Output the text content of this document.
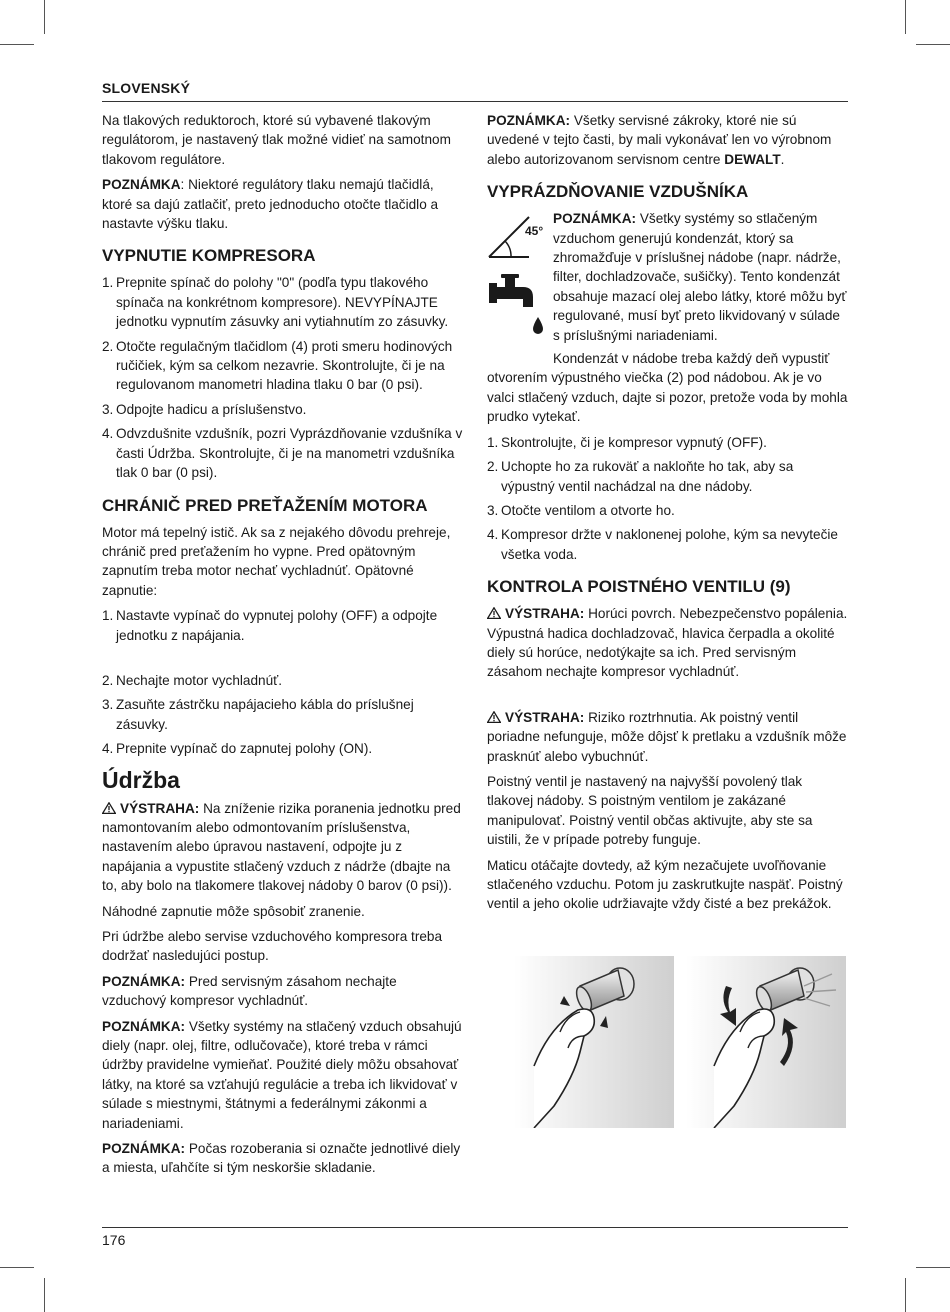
SLOVENSKÝ

Na tlakových reduktoroch, ktoré sú vybavené tlakovým regulátorom, je nastavený tlak možné vidieť na samotnom tlakovom regulátore.

POZNÁMKA: Niektoré regulátory tlaku nemajú tlačidlá, ktoré sa dajú zatlačiť, preto jednoducho otočte tlačidlo a nastavte výšku tlaku.

VYPNUTIE KOMPRESORA
1. Prepnite spínač do polohy "0" (podľa typu tlakového spínača na konkrétnom kompresore). NEVYPÍNAJTE jednotku vypnutím zásuvky ani vytiahnutím zo zásuvky.
2. Otočte regulačným tlačidlom (4) proti smeru hodinových ručičiek, kým sa celkom nezavrie. Skontrolujte, či je na regulovanom manometri hladina tlaku 0 bar (0 psi).
3. Odpojte hadicu a príslušenstvo.
4. Odvzdušnite vzdušník, pozri Vyprázdňovanie vzdušníka v časti Údržba. Skontrolujte, či je na manometri vzdušníka tlak 0 bar (0 psi).
CHRÁNIČ PRED PREŤAŽENÍM MOTORA

Motor má tepelný istič. Ak sa z nejakého dôvodu prehreje, chránič pred preťažením ho vypne. Pred opätovným zapnutím treba motor nechať vychladnúť. Opätovné zapnutie:

1. Nastavte vypínač do vypnutej polohy (OFF) a odpojte jednotku z napájania.
2. Nechajte motor vychladnúť.
3. Zasuňte zástrčku napájacieho kábla do príslušnej zásuvky.
4. Prepnite vypínač do zapnutej polohy (ON).
Údržba

VÝSTRAHA: Na zníženie rizika poranenia jednotku pred namontovaním alebo odmontovaním príslušenstva, nastavením alebo úpravou nastavení, odpojte ju z napájania a vypustite stlačený vzduch z nádrže (dbajte na to, aby bolo na tlakomere tlakovej nádoby 0 barov (0 psi)).

Náhodné zapnutie môže spôsobiť zranenie.

Pri údržbe alebo servise vzduchového kompresora treba dodržať nasledujúci postup.

POZNÁMKA: Pred servisným zásahom nechajte vzduchový kompresor vychladnúť.

POZNÁMKA: Všetky systémy na stlačený vzduch obsahujú diely (napr. olej, filtre, odlučovače), ktoré treba v rámci údržby pravidelne vymieňať. Použité diely môžu obsahovať látky, na ktoré sa vzťahujú regulácie a treba ich likvidovať v súlade s miestnymi, štátnymi a federálnymi zákonmi a nariadeniami.

POZNÁMKA: Počas rozoberania si označte jednotlivé diely a miesta, uľahčíte si tým neskoršie skladanie.

POZNÁMKA: Všetky servisné zákroky, ktoré nie sú uvedené v tejto časti, by mali vykonávať len vo výrobnom alebo autorizovanom servisnom centre DEWALT.

VYPRÁZDŇOVANIE VZDUŠNÍKA
45°
POZNÁMKA: Všetky systémy so stlačeným vzduchom generujú kondenzát, ktorý sa zhromažďuje v príslušnej nádobe (napr. nádrže, filter, dochladzovače, sušičky). Tento kondenzát obsahuje mazací olej alebo látky, ktoré môžu byť regulované, musí byť preto likvidovaný v súlade s príslušnými nariadeniami.

Kondenzát v nádobe treba každý deň vypustiť otvorením výpustného viečka (2) pod nádobou. Ak je vo valci stlačený vzduch, dajte si pozor, pretože voda by mohla prudko vytekať.

1. Skontrolujte, či je kompresor vypnutý (OFF).
2. Uchopte ho za rukoväť a nakloňte ho tak, aby sa výpustný ventil nachádzal na dne nádoby.
3. Otočte ventilom a otvorte ho.
4. Kompresor držte v naklonenej polohe, kým sa nevytečie všetka voda.
KONTROLA POISTNÉHO VENTILU (9)

VÝSTRAHA: Horúci povrch. Nebezpečenstvo popálenia. Výpustná hadica dochladzovač, hlavica čerpadla a okolité diely sú horúce, nedotýkajte sa ich. Pred servisným zásahom nechajte kompresor vychladnúť.

VÝSTRAHA: Riziko roztrhnutia. Ak poistný ventil poriadne nefunguje, môže dôjsť k pretlaku a vzdušník môže prasknúť alebo vybuchnúť.

Poistný ventil je nastavený na najvyšší povolený tlak tlakovej nádoby. S poistným ventilom je zakázané manipulovať. Poistný ventil občas aktivujte, aby ste sa uistili, že v prípade potreby funguje.

Maticu otáčajte dovtedy, až kým nezačujete uvoľňovanie stlačeného vzduchu. Potom ju zaskrutkujte naspäť. Poistný ventil a jeho okolie udržiavajte vždy čisté a bez prekážok.

176
